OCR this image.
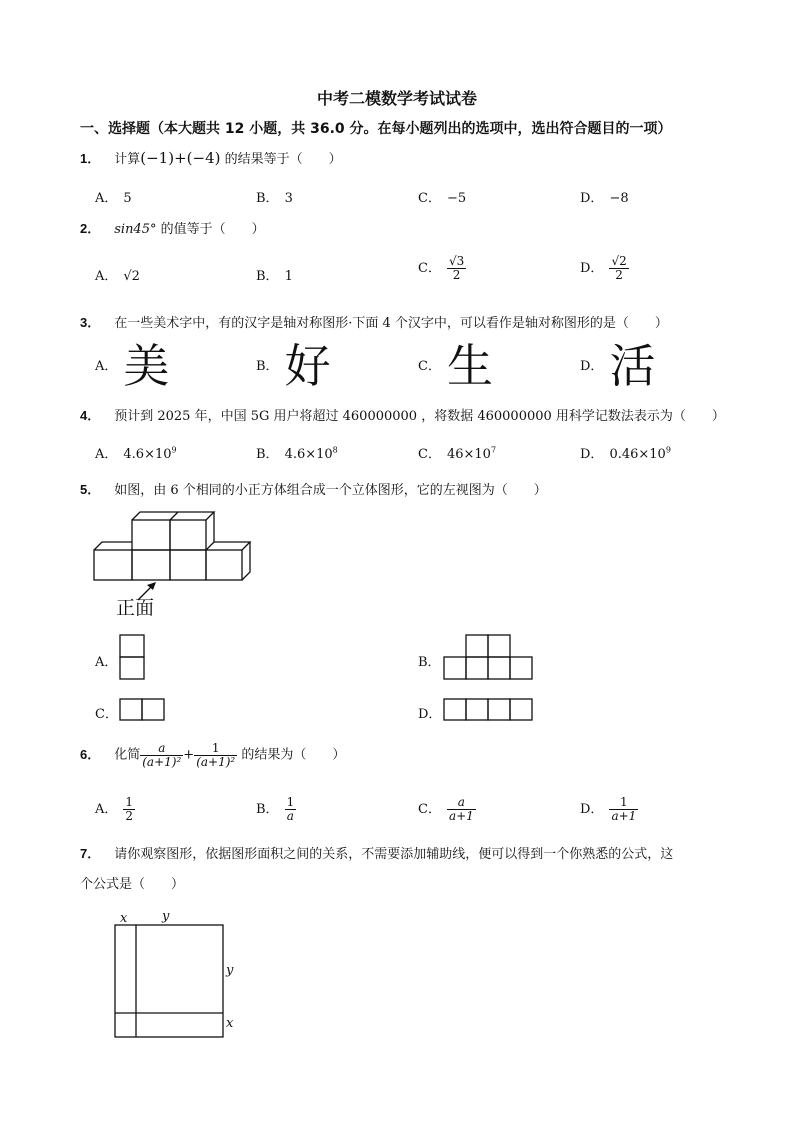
中考二模数学考试试卷
一、选择题（本大题共 12 小题，共 36.0 分。在每小题列出的选项中，选出符合题目的一项）
1． 计算(−1)+(−4) 的结果等于（　　）
A． 5	B． 3	C． −5	D． −8
2． sin45° 的值等于（　　）
A． √2	B． 1
C． $\frac{√3}{2}$	D． $\frac{√2}{2}$
3． 在一些美术字中，有的汉字是轴对称图形·下面 4 个汉字中，可以看作是轴对称图形的是（　　）
A． 美	B． 好	C． 生	D． 活
4． 预计到 2025 年，中国 5G 用户将超过 460000000 ，将数据 460000000 用科学记数法表示为（　　）
A． $4.6\times 10^9$	B． $4.6\times 10^8$	C． $46\times 10^7$	D． $0.46\times 10^9$
5． 如图，由 6 个相同的小正方体组合成一个立体图形，它的左视图为（　　）
正面
A．	B．
C．	D．
6． 化简 $\frac{a}{\text{(a+1)²}} + \frac{1}{\text{(a+1)²}}$ 的结果为（　　）
A． $\frac{1}{2}$	B． $\frac{1}{a}$	C． $\frac{a}{a+1}$	D． $\frac{1}{a+1}$
7． 请你观察图形，依据图形面积之间的关系，不需要添加辅助线，便可以得到一个你熟悉的公式，这
个公式是（　　）
x	y
y
x
